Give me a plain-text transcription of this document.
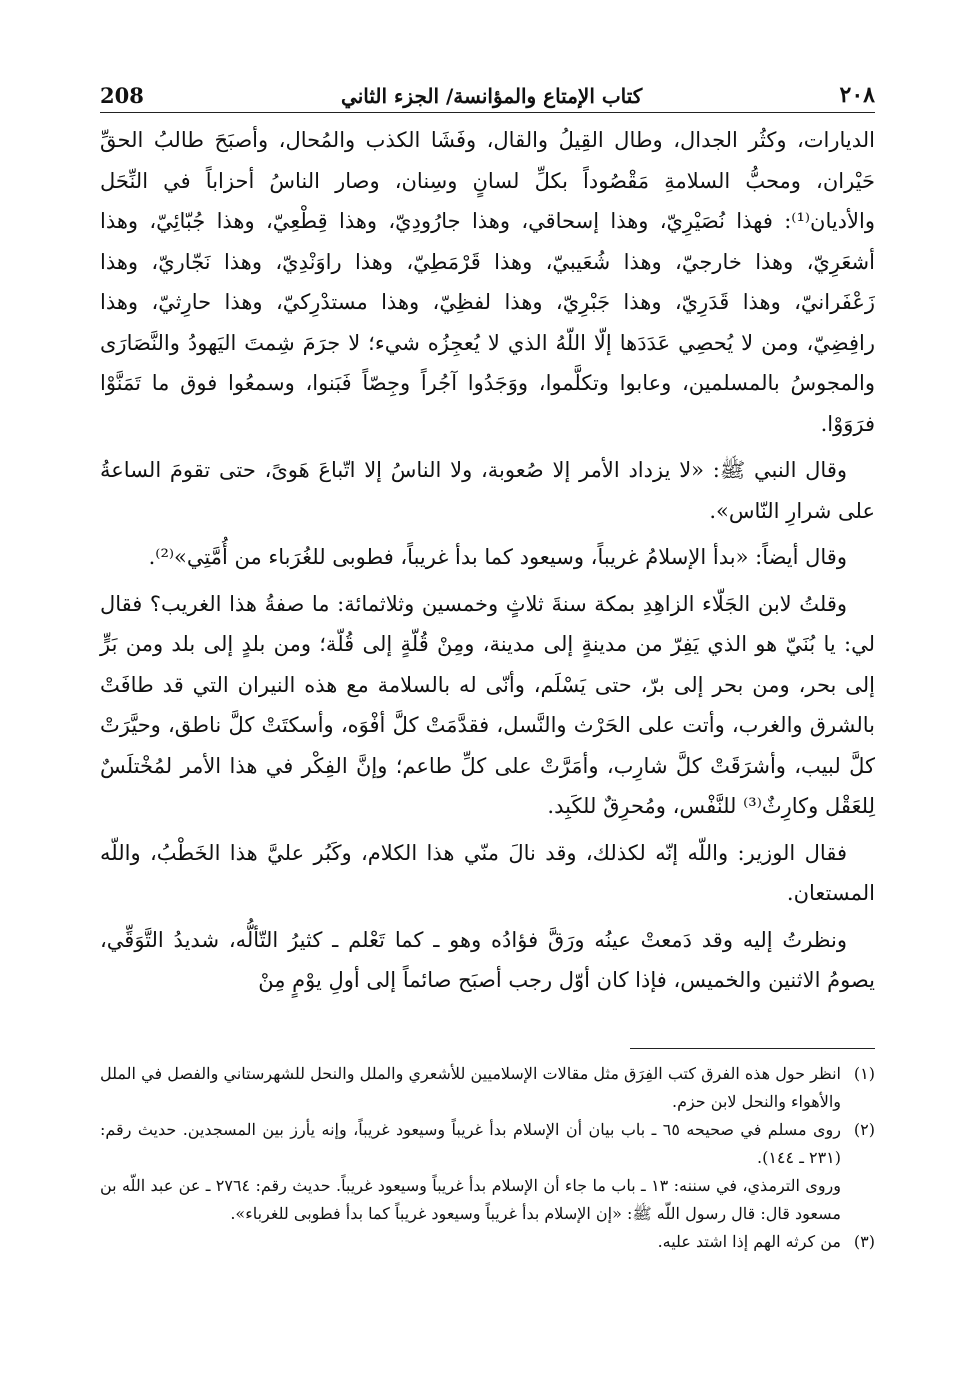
208	كتاب الإمتاع والمؤانسة/ الجزء الثاني	٢٠٨

الديارات، وكثُر الجدال، وطال القِيلُ والقال، وفَشَا الكذب والمُحال، وأصبَحَ طالبُ الحقِّ حَيْران، ومحبُّ السلامةِ مَقْصُوداً بكلِّ لسانٍ وسِنان، وصار الناسُ أحزاباً في النِّحَل والأديان⁽¹⁾: فهذا نُصَيْرِيّ، وهذا إسحاقي، وهذا جارُودِيّ، وهذا قِطْعِيّ، وهذا جُبّائِيّ، وهذا أشعَرِيّ، وهذا خارجيّ، وهذا شُعَيبيّ، وهذا قَرْمَطِيّ، وهذا راوَنْدِيّ، وهذا نَجّاريّ، وهذا زَعْفَرانيّ، وهذا قَدَرِيّ، وهذا جَبْرِيّ، وهذا لفظِيّ، وهذا مستدْرِكيّ، وهذا حارِثيّ، وهذا رافِضِيّ، ومن لا يُحصِي عَدَدَها إلّا اللّهُ الذي لا يُعجِزُه شيء؛ لا جرَمَ شِمتَ اليَهودُ والنَّصَارَى والمجوسُ بالمسلمين، وعابوا وتكلَّموا، ووَجَدُوا آجُراً وجِصّاً فَبَنوا، وسمعُوا فوق ما تَمَنَّوْا فرَوَوْا.

وقال النبي ﷺ: «لا يزداد الأمر إلا صُعوبة، ولا الناسُ إلا اتّباعَ هَوىً، حتى تقومَ الساعةُ على شرارِ النّاس».

وقال أيضاً: «بدأ الإسلامُ غريباً، وسيعود كما بدأ غريباً، فطوبى للغُرَباء من أُمَّتِي»⁽²⁾.

وقلتُ لابن الجَلّاء الزاهِدِ بمكة سنةَ ثلاثٍ وخمسين وثلاثمائة: ما صفةُ هذا الغريب؟ فقال لي: يا بُنَيّ هو الذي يَفِرّ من مدينةٍ إلى مدينة، ومِنْ قُلّةٍ إلى قُلّة؛ ومن بلدٍ إلى بلد ومن بَرٍّ إلى بحر، ومن بحر إلى برّ، حتى يَسْلَم، وأنّى له بالسلامة مع هذه النيران التي قد طافَتْ بالشرق والغرب، وأتت على الحَرْث والنَّسل، فقدَّمَتْ كلَّ أفْوَه، وأسكتَتْ كلَّ ناطق، وحيَّرَتْ كلَّ لبيب، وأشرَقَتْ كلَّ شارِب، وأمَرَّتْ على كلِّ طاعم؛ وإنَّ الفِكْر في هذا الأمر لمُخْتلَسٌ لِلعَقْل وكارِثٌ⁽³⁾ للنَّفْس، ومُحرِقٌ للكَبِد.

فقال الوزير: واللّه إنّه لكذلك، وقد نالَ منّي هذا الكلام، وكَبُر عليَّ هذا الخَطْبُ، واللّه المستعان.

ونظرتُ إليه وقد دَمعتْ عينُه ورَقَّ فؤادُه وهو ـ كما تَعْلم ـ كثيرُ التّألُّه، شديدُ التَّوَقِّي، يصومُ الاثنين والخميس، فإذا كان أوّل رجب أصبَح صائماً إلى أولِ يوْمٍ مِنْ

(١)
انظر حول هذه الفرق كتب الفِرَق مثل مقالات الإسلاميين للأشعري والملل والنحل للشهرستاني والفصل في الملل والأهواء والنحل لابن حزم.
(٢)
روى مسلم في صحيحه ٦٥ ـ باب بيان أن الإسلام بدأ غريباً وسيعود غريباً، وإنه يأرز بين المسجدين. حديث رقم: (٢٣١ ـ ١٤٤).
وروى الترمذي، في سننه: ١٣ ـ باب ما جاء أن الإسلام بدأ غريباً وسيعود غريباً. حديث رقم: ٢٧٦٤ ـ عن عبد اللّه بن مسعود قال: قال رسول اللّه ﷺ: «إن الإسلام بدأ غريباً وسيعود غريباً كما بدأ فطوبى للغرباء».
(٣)
من كرثه الهم إذا اشتد عليه.
